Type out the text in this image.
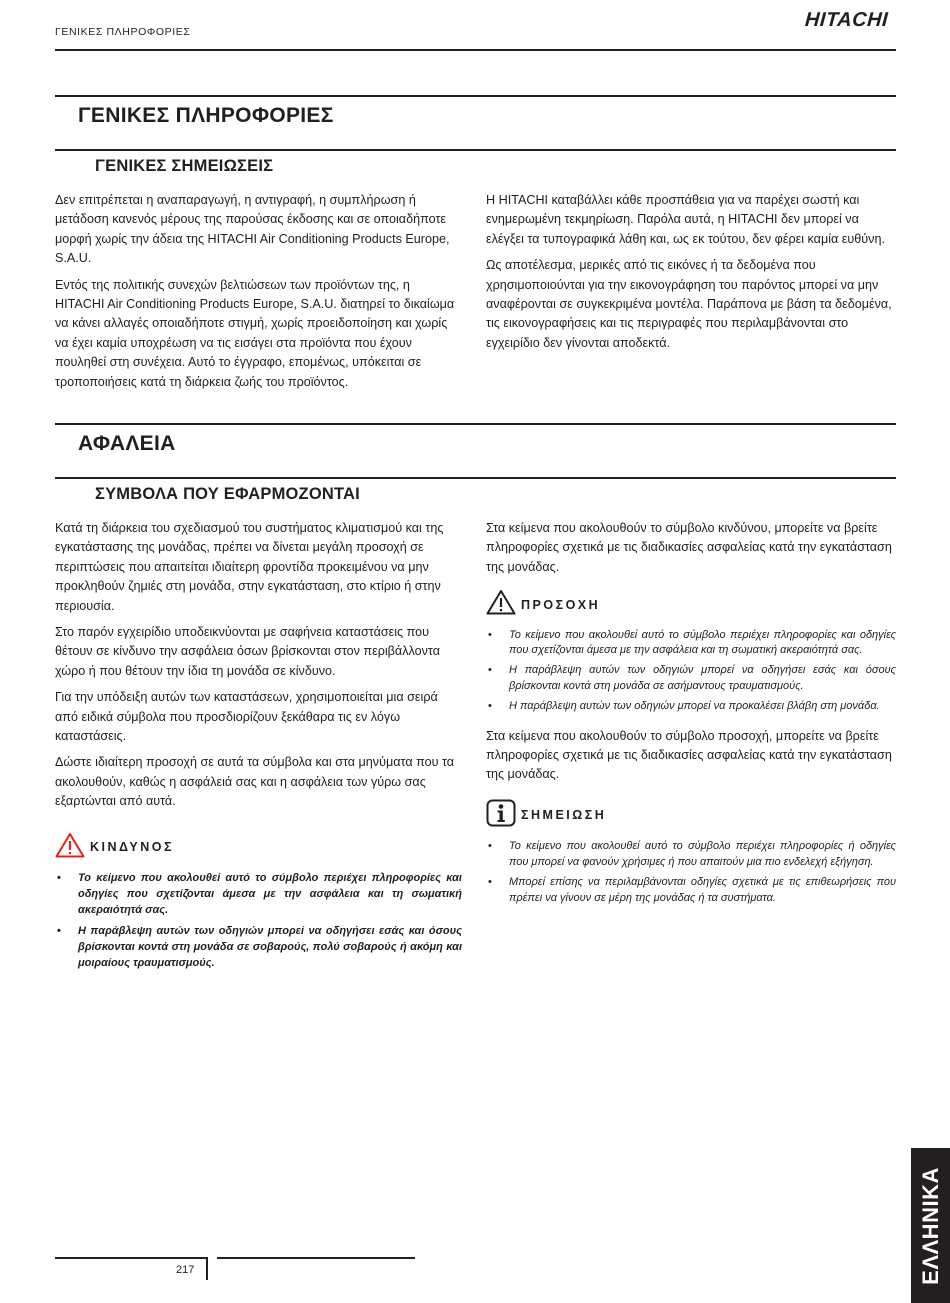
ΓΕΝΙΚΕΣ ΠΛΗΡΟΦΟΡΙΕΣ
HITACHI
ΓΕΝΙΚΕΣ ΠΛΗΡΟΦΟΡΙΕΣ
ΓΕΝΙΚΕΣ ΣΗΜΕΙΩΣΕΙΣ

Δεν επιτρέπεται η αναπαραγωγή, η αντιγραφή, η συμπλήρωση ή μετάδοση κανενός μέρους της παρούσας έκδοσης και σε οποιαδήποτε μορφή χωρίς την άδεια της HITACHI Air Conditioning Products Europe, S.A.U.

Εντός της πολιτικής συνεχών βελτιώσεων των προϊόντων της, η HITACHI Air Conditioning Products Europe, S.A.U. διατηρεί το δικαίωμα να κάνει αλλαγές οποιαδήποτε στιγμή, χωρίς προειδοποίηση και χωρίς να έχει καμία υποχρέωση να τις εισάγει στα προϊόντα που έχουν πουληθεί στη συνέχεια. Αυτό το έγγραφο, επομένως, υπόκειται σε τροποποιήσεις κατά τη διάρκεια ζωής του προϊόντος.

Η HITACHI καταβάλλει κάθε προσπάθεια για να παρέχει σωστή και ενημερωμένη τεκμηρίωση. Παρόλα αυτά, η HITACHI δεν μπορεί να ελέγξει τα τυπογραφικά λάθη και, ως εκ τούτου, δεν φέρει καμία ευθύνη.

Ως αποτέλεσμα, μερικές από τις εικόνες ή τα δεδομένα που χρησιμοποιούνται για την εικονογράφηση του παρόντος μπορεί να μην αναφέρονται σε συγκεκριμένα μοντέλα. Παράπονα με βάση τα δεδομένα, τις εικονογραφήσεις και τις περιγραφές που περιλαμβάνονται στο εγχειρίδιο δεν γίνονται αποδεκτά.

ΑΦΑΛΕΙΑ
ΣΥΜΒΟΛΑ ΠΟΥ ΕΦΑΡΜΟΖΟΝΤΑΙ

Κατά τη διάρκεια του σχεδιασμού του συστήματος κλιματισμού και της εγκατάστασης της μονάδας, πρέπει να δίνεται μεγάλη προσοχή σε περιπτώσεις που απαιτείται ιδιαίτερη φροντίδα προκειμένου να μην προκληθούν ζημιές στη μονάδα, στην εγκατάσταση, στο κτίριο ή στην περιουσία.

Στο παρόν εγχειρίδιο υποδεικνύονται με σαφήνεια καταστάσεις που θέτουν σε κίνδυνο την ασφάλεια όσων βρίσκονται στον περιβάλλοντα χώρο ή που θέτουν την ίδια τη μονάδα σε κίνδυνο.

Για την υπόδειξη αυτών των καταστάσεων, χρησιμοποιείται μια σειρά από ειδικά σύμβολα που προσδιορίζουν ξεκάθαρα τις εν λόγω καταστάσεις.

Δώστε ιδιαίτερη προσοχή σε αυτά τα σύμβολα και στα μηνύματα που τα ακολουθούν, καθώς η ασφάλειά σας και η ασφάλεια των γύρω σας εξαρτώνται από αυτά.

ΚΙΝΔΥΝΟΣ
• Το κείμενο που ακολουθεί αυτό το σύμβολο περιέχει πληροφορίες και οδηγίες που σχετίζονται άμεσα με την ασφάλεια και τη σωματική ακεραιότητά σας.
• Η παράβλεψη αυτών των οδηγιών μπορεί να οδηγήσει εσάς και όσους βρίσκονται κοντά στη μονάδα σε σοβαρούς, πολύ σοβαρούς ή ακόμη και μοιραίους τραυματισμούς.

Στα κείμενα που ακολουθούν το σύμβολο κινδύνου, μπορείτε να βρείτε πληροφορίες σχετικά με τις διαδικασίες ασφαλείας κατά την εγκατάσταση της μονάδας.

ΠΡΟΣΟΧΗ
• Το κείμενο που ακολουθεί αυτό το σύμβολο περιέχει πληροφορίες και οδηγίες που σχετίζονται άμεσα με την ασφάλεια και τη σωματική ακεραιότητά σας.
• Η παράβλεψη αυτών των οδηγιών μπορεί να οδηγήσει εσάς και όσους βρίσκονται κοντά στη μονάδα σε ασήμαντους τραυματισμούς.
• Η παράβλεψη αυτών των οδηγιών μπορεί να προκαλέσει βλάβη στη μονάδα.

Στα κείμενα που ακολουθούν το σύμβολο προσοχή, μπορείτε να βρείτε πληροφορίες σχετικά με τις διαδικασίες ασφαλείας κατά την εγκατάσταση της μονάδας.

ΣΗΜΕΙΩΣΗ
• Το κείμενο που ακολουθεί αυτό το σύμβολο περιέχει πληροφορίες ή οδηγίες που μπορεί να φανούν χρήσιμες ή που απαιτούν μια πιο ενδελεχή εξήγηση.
• Μπορεί επίσης να περιλαμβάνονται οδηγίες σχετικά με τις επιθεωρήσεις που πρέπει να γίνουν σε μέρη της μονάδας ή τα συστήματα.
217	ΕΛΛΗΝΙΚΑ
